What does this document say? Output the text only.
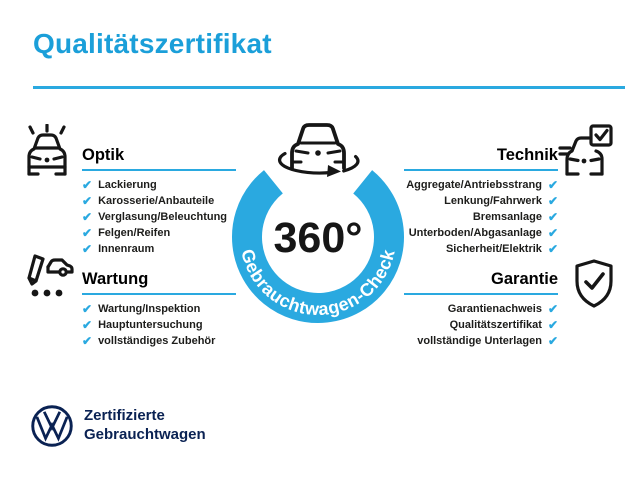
Qualitätszertifikat
Optik
✔ Lackierung
✔ Karosserie/Anbauteile
✔ Verglasung/Beleuchtung
✔ Felgen/Reifen
✔ Innenraum
Technik
Aggregate/Antriebsstrang ✔
Lenkung/Fahrwerk ✔
Bremsanlage ✔
Unterboden/Abgasanlage ✔
Sicherheit/Elektrik ✔
Wartung
✔ Wartung/Inspektion
✔ Hauptuntersuchung
✔ vollständiges Zubehör
Garantie
Garantienachweis ✔
Qualitätszertifikat ✔
vollständige Unterlagen ✔
360°
Gebrauchtwagen-Check
Zertifizierte
Gebrauchtwagen
